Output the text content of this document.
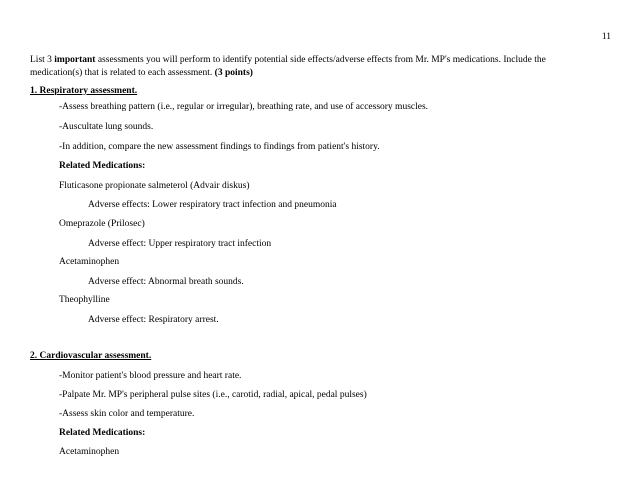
11
List 3 important assessments you will perform to identify potential side effects/adverse effects from Mr. MP's medications. Include the
medication(s) that is related to each assessment. (3 points)
1. Respiratory assessment.
-Assess breathing pattern (i.e., regular or irregular), breathing rate, and use of accessory muscles.
-Auscultate lung sounds.
-In addition, compare the new assessment findings to findings from patient's history.
Related Medications:
Fluticasone propionate salmeterol (Advair diskus)
Adverse effects: Lower respiratory tract infection and pneumonia
Omeprazole (Prilosec)
Adverse effect: Upper respiratory tract infection
Acetaminophen
Adverse effect: Abnormal breath sounds.
Theophylline
Adverse effect: Respiratory arrest.
2. Cardiovascular assessment.
-Monitor patient's blood pressure and heart rate.
-Palpate Mr. MP's peripheral pulse sites (i.e., carotid, radial, apical, pedal pulses)
-Assess skin color and temperature.
Related Medications:
Acetaminophen
